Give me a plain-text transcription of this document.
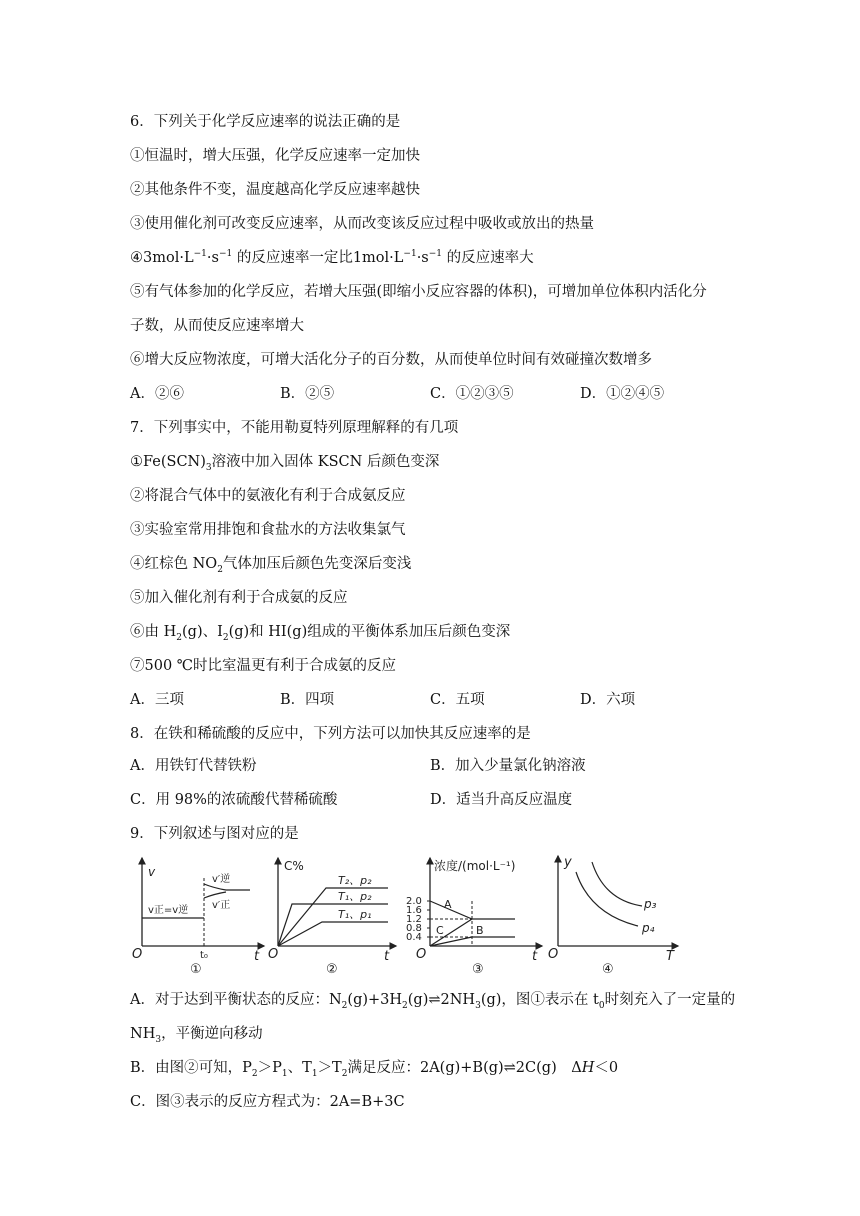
6．下列关于化学反应速率的说法正确的是
①恒温时，增大压强，化学反应速率一定加快
②其他条件不变，温度越高化学反应速率越快
③使用催化剂可改变反应速率，从而改变该反应过程中吸收或放出的热量
$④3mol\cdot L^{-1}\cdot s^{-1}$ 的反应速率一定比$1mol\cdot L^{-1}\cdot s^{-1}$ 的反应速率大
⑤有气体参加的化学反应，若增大压强(即缩小反应容器的体积)，可增加单位体积内活化分
子数，从而使反应速率增大
⑥增大反应物浓度，可增大活化分子的百分数，从而使单位时间有效碰撞次数增多
A．②⑥	B．②⑤	C．①②③⑤	D．①②④⑤
7．下列事实中，不能用勒夏特列原理解释的有几项
$①Fe(SCN)_3$溶液中加入固体 KSCN 后颜色变深
②将混合气体中的氨液化有利于合成氨反应
③实验室常用排饱和食盐水的方法收集氯气
④红棕色 $NO_2$气体加压后颜色先变深后变浅
⑤加入催化剂有利于合成氨的反应
⑥由 $H_2(g)$、$I_2(g)$和 HI(g)组成的平衡体系加压后颜色变深
⑦500 ℃时比室温更有利于合成氨的反应
A．三项	B．四项	C．五项	D．六项
8．在铁和稀硫酸的反应中，下列方法可以加快其反应速率的是
A．用铁钉代替铁粉	B．加入少量氯化钠溶液
C．用 98%的浓硫酸代替稀硫酸	D．适当升高反应温度
9．下列叙述与图对应的是
v
v正=v逆
v′逆
v′正
t₀
O	t
①
C%
T₂、p₂
T₁、p₂
T₁、p₁
O	t
②
浓度/(mol·L⁻¹)
2.0
1.6
1.2
0.8
0.4
A
C	B
O	t
③
y
p₃
p₄
O	T
④
A．对于达到平衡状态的反应：$N_2(g)+3H_2(g)\rightleftharpoons 2NH_3(g)$，图①表示在 $t_0$时刻充入了一定量的
$NH_3$，平衡逆向移动
B．由图②可知，$P_2>P_1$、$T_1>T_2$满足反应：2A(g)+B(g)⇌2C(g)　ΔH＜0
C．图③表示的反应方程式为：2A=B+3C
